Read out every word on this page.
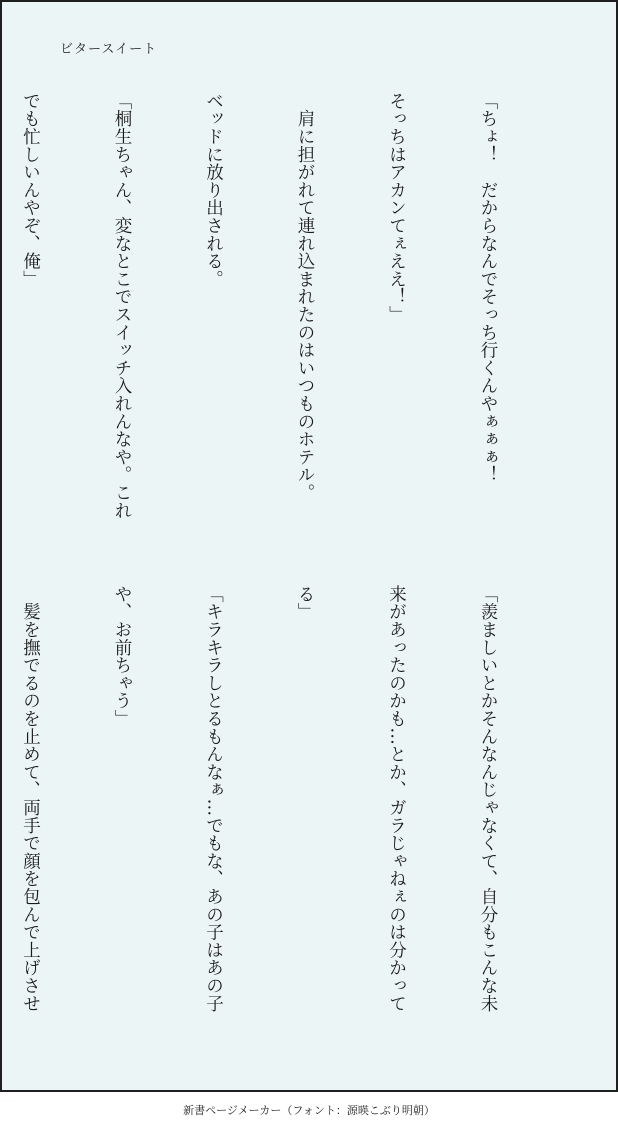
ビタースイート

「ちょ！　だからなんでそっち行くんやぁぁぁ！

そっちはアカンてぇええ！」

　肩に担がれて連れ込まれたのはいつものホテル。

ベッドに放り出される。

「桐生ちゃん、変なとこでスイッチ入れんなや。これ

でも忙しいんやぞ、俺」

「羨ましいとかそんなんじゃなくて、自分もこんな未

来があったのかも…とか、ガラじゃねぇのは分かって

る」

「キラキラしとるもんなぁ…でもな、あの子はあの子

や、お前ちゃう」

　髪を撫でるのを止めて、両手で顔を包んで上げさせ

新書ページメーカー（フォント：源暎こぶり明朝）
